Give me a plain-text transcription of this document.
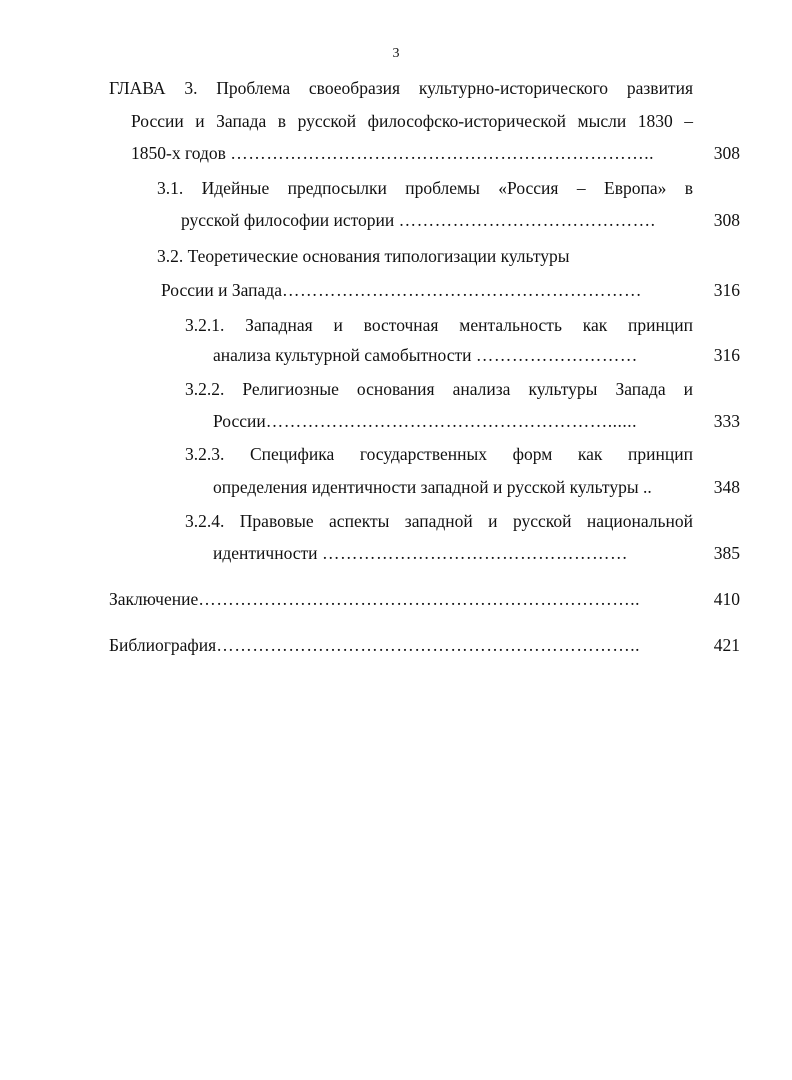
3
ГЛАВА 3. Проблема своеобразия культурно-исторического развития
России и Запада в русской философско-исторической мысли 1830 –
1850-х годов ……………………………………………………………..	308
3.1. Идейные предпосылки проблемы «Россия – Европа» в
русской философии истории …………………………………….	308
3.2. Теоретические основания типологизации культуры
России и Запада……………………………………………………	316
3.2.1. Западная и восточная ментальность как принцип
анализа культурной самобытности ………………………	316
3.2.2. Религиозные основания анализа культуры Запада и
России…………………………………………………......	333
3.2.3. Специфика государственных форм как принцип
определения идентичности западной и русской культуры ..	348
3.2.4. Правовые аспекты западной и русской национальной
идентичности ……………………………………………	385
Заключение………………………………………………………………..	410
Библиография……………………………………………………………..	421
